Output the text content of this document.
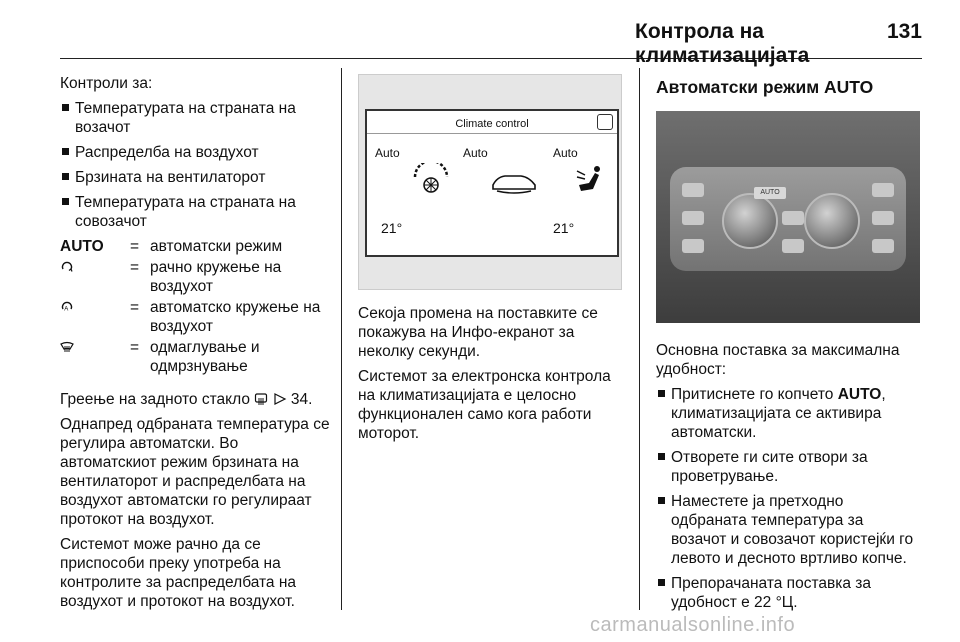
Контрола на климатизацијата
131

Контроли за:

Температурата на страната на возачот
Распределба на воздухот
Брзината на вентилаторот
Температурата на страната на совозачот
AUTO	= автоматски режим
= рачно кружење на воздухот
A	= автоматско кружење на воздухот
= одмаглување и одмрзнување

Греење на задното стакло	34.

Однапред одбраната температура се регулира автоматски. Во автоматскиот режим брзината на вентилаторот и распределбата на воздухот автоматски го регулираат протокот на воздухот.

Системот може рачно да се приспособи преку употреба на контролите за распределбата на воздухот и протокот на воздухот.

Climate control
Auto	Auto	Auto
21°	21°

Секоја промена на поставките се покажува на Инфо-екранот за неколку секунди.

Системот за електронска контрола на климатизацијата е целосно функционален само кога работи моторот.

Автоматски режим AUTO
AUTO

Основна поставка за максимална удобност:

Притиснете го копчето AUTO, климатизацијата се активира автоматски.
Отворете ги сите отвори за проветрување.
Наместете ја претходно одбраната температура за возачот и совозачот користејќи го левото и десното вртливо копче.
Препорачаната поставка за удобност е 22 °Ц.
carmanualsonline.info
